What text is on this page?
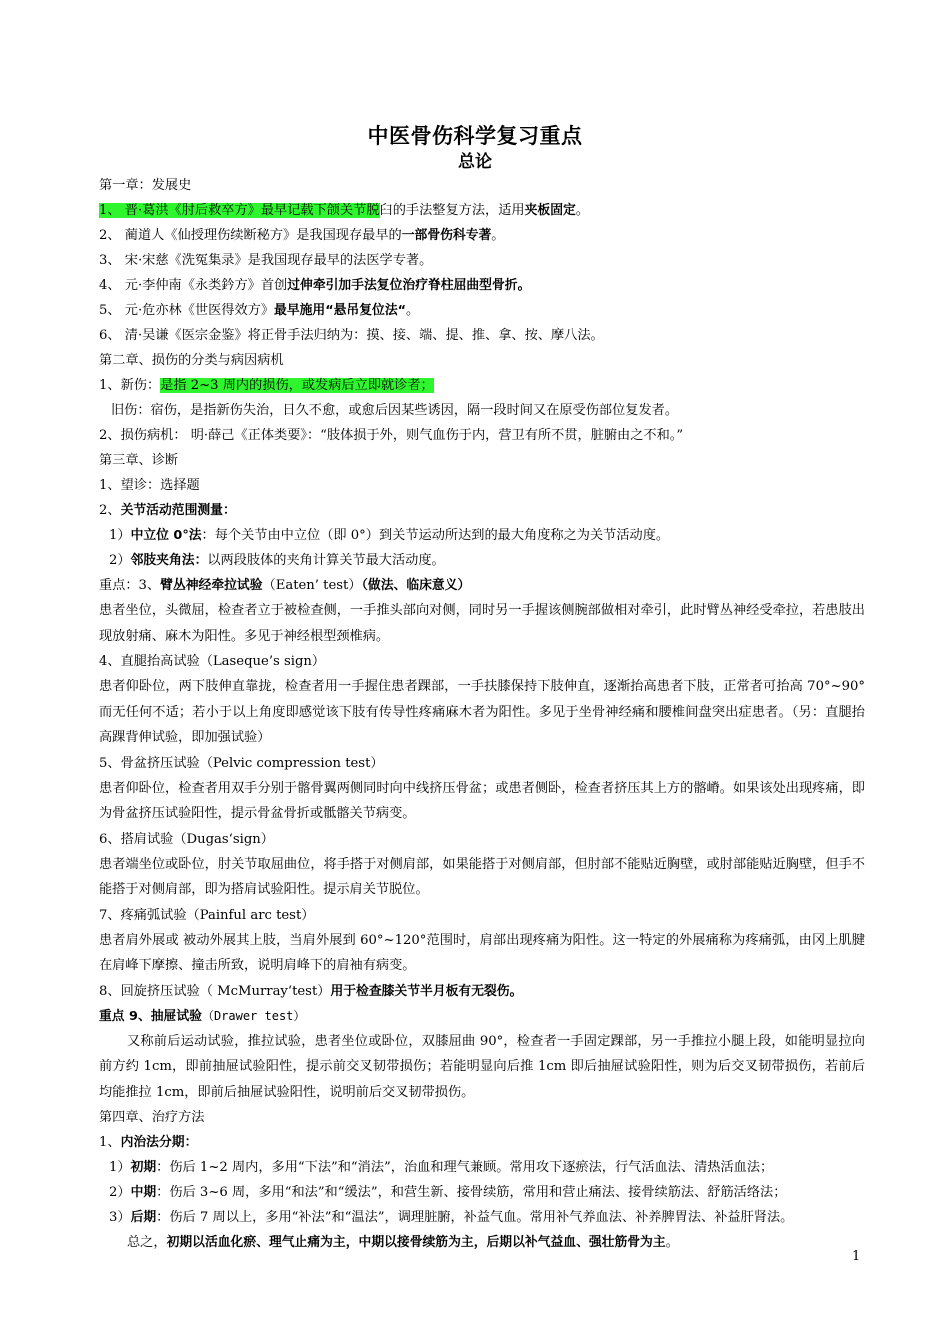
中医骨伤科学复习重点
总论
第一章：发展史
1、 晋·葛洪《肘后救卒方》最早记载下颌关节脱臼的手法整复方法，适用夹板固定。
2、 蔺道人《仙授理伤续断秘方》是我国现存最早的一部骨伤科专著。
3、 宋·宋慈《洗冤集录》是我国现存最早的法医学专著。
4、 元·李仲南《永类鈐方》首创过伸牵引加手法复位治疗脊柱屈曲型骨折。
5、 元·危亦林《世医得效方》最早施用“悬吊复位法“。
6、 清·吴谦《医宗金鉴》将正骨手法归纳为：摸、接、端、提、推、拿、按、摩八法。
第二章、损伤的分类与病因病机
1、新伤：是指 2~3 周内的损伤，或发病后立即就诊者；
旧伤：宿伤，是指新伤失治，日久不愈，或愈后因某些诱因，隔一段时间又在原受伤部位复发者。
2、损伤病机： 明·薛己《正体类要》：“肢体损于外，则气血伤于内，营卫有所不贯，脏腑由之不和。”
第三章、诊断
1、望诊：选择题
2、关节活动范围测量：
1）中立位 0°法：每个关节由中立位（即 0°）到关节运动所达到的最大角度称之为关节活动度。
2）邻肢夹角法：以两段肢体的夹角计算关节最大活动度。
重点：3、臂丛神经牵拉试验（Eaten’ test）（做法、临床意义）

患者坐位，头微屈，检查者立于被检查侧，一手推头部向对侧，同时另一手握该侧腕部做相对牵引，此时臂丛神经受牵拉，若患肢出现放射痛、麻木为阳性。多见于神经根型颈椎病。

4、直腿抬高试验（Laseque’s sign）

患者仰卧位，两下肢伸直靠拢，检查者用一手握住患者踝部，一手扶膝保持下肢伸直，逐渐抬高患者下肢，正常者可抬高 70°~90°而无任何不适；若小于以上角度即感觉该下肢有传导性疼痛麻木者为阳性。多见于坐骨神经痛和腰椎间盘突出症患者。（另：直腿抬高踝背伸试验，即加强试验）

5、骨盆挤压试验（Pelvic compression test）

患者仰卧位，检查者用双手分别于髂骨翼两侧同时向中线挤压骨盆；或患者侧卧，检查者挤压其上方的髂嵴。如果该处出现疼痛，即为骨盆挤压试验阳性，提示骨盆骨折或骶髂关节病变。

6、搭肩试验（Dugas‘sign）

患者端坐位或卧位，肘关节取屈曲位，将手搭于对侧肩部，如果能搭于对侧肩部，但肘部不能贴近胸壁，或肘部能贴近胸壁，但手不能搭于对侧肩部，即为搭肩试验阳性。提示肩关节脱位。

7、疼痛弧试验（Painful arc test）

患者肩外展或 被动外展其上肢，当肩外展到 60°~120°范围时，肩部出现疼痛为阳性。这一特定的外展痛称为疼痛弧，由冈上肌腱在肩峰下摩擦、撞击所致，说明肩峰下的肩袖有病变。

8、回旋挤压试验（ McMurray‘test）用于检查膝关节半月板有无裂伤。
重点 9、抽屉试验（Drawer test）

又称前后运动试验，推拉试验，患者坐位或卧位，双膝屈曲 90°，检查者一手固定踝部，另一手推拉小腿上段，如能明显拉向前方约 1cm，即前抽屉试验阳性，提示前交叉韧带损伤；若能明显向后推 1cm 即后抽屉试验阳性，则为后交叉韧带损伤，若前后均能推拉 1cm，即前后抽屉试验阳性，说明前后交叉韧带损伤。

第四章、治疗方法
1、内治法分期：
1）初期：伤后 1~2 周内，多用“下法”和“消法”，治血和理气兼顾。常用攻下逐瘀法，行气活血法、清热活血法；
2）中期：伤后 3~6 周，多用“和法”和“缓法”，和营生新、接骨续筋，常用和营止痛法、接骨续筋法、舒筋活络法；
3）后期：伤后 7 周以上，多用“补法”和“温法”，调理脏腑，补益气血。常用补气养血法、补养脾胃法、补益肝肾法。
总之，初期以活血化瘀、理气止痛为主，中期以接骨续筋为主，后期以补气益血、强壮筋骨为主。
1
